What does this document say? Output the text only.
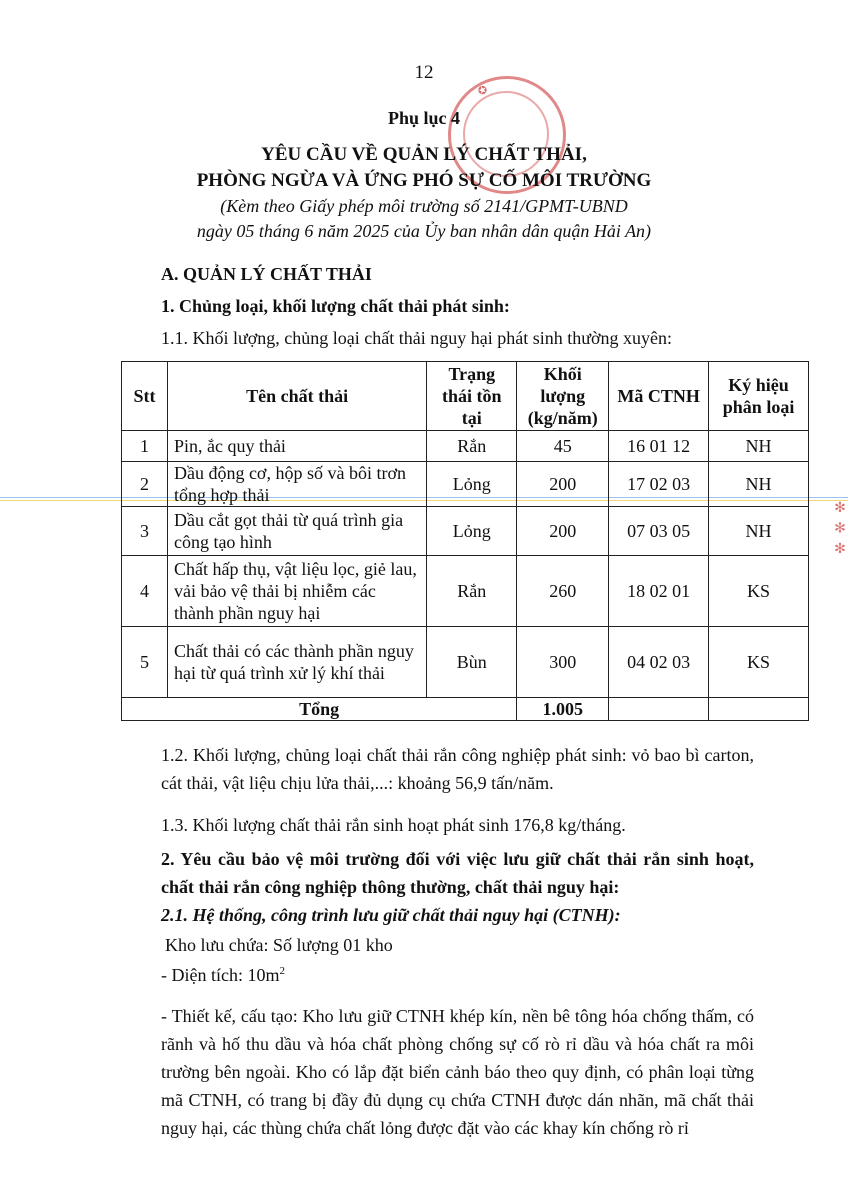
✪
✻ ✻ ✻
12
Phụ lục 4
YÊU CẦU VỀ QUẢN LÝ CHẤT THẢI,
PHÒNG NGỪA VÀ ỨNG PHÓ SỰ CỐ MÔI TRƯỜNG
(Kèm theo Giấy phép môi trường số 2141/GPMT-UBND
ngày 05 tháng 6 năm 2025 của Ủy ban nhân dân quận Hải An)
A. QUẢN LÝ CHẤT THẢI
1. Chủng loại, khối lượng chất thải phát sinh:
1.1. Khối lượng, chủng loại chất thải nguy hại phát sinh thường xuyên:
Stt	Tên chất thải	Trạng thái tồn tại	Khối lượng (kg/năm)	Mã CTNH	Ký hiệu phân loại
1	Pin, ắc quy thải	Rắn	45	16 01 12	NH
2	Dầu động cơ, hộp số và bôi trơn tổng hợp thải	Lỏng	200	17 02 03	NH
3	Dầu cắt gọt thải từ quá trình gia công tạo hình	Lỏng	200	07 03 05	NH
4	Chất hấp thụ, vật liệu lọc, giẻ lau, vải bảo vệ thải bị nhiễm các thành phần nguy hại	Rắn	260	18 02 01	KS
5	Chất thải có các thành phần nguy hại từ quá trình xử lý khí thải	Bùn	300	04 02 03	KS
Tổng			1.005		
1.2. Khối lượng, chủng loại chất thải rắn công nghiệp phát sinh: vỏ bao bì carton, cát thải, vật liệu chịu lửa thải,...: khoảng 56,9 tấn/năm.
1.3. Khối lượng chất thải rắn sinh hoạt phát sinh 176,8 kg/tháng.
2. Yêu cầu bảo vệ môi trường đối với việc lưu giữ chất thải rắn sinh hoạt, chất thải rắn công nghiệp thông thường, chất thải nguy hại:
2.1. Hệ thống, công trình lưu giữ chất thải nguy hại (CTNH):
Kho lưu chứa: Số lượng 01 kho
- Diện tích: $10m^2$
- Thiết kế, cấu tạo: Kho lưu giữ CTNH khép kín, nền bê tông hóa chống thấm, có rãnh và hố thu dầu và hóa chất phòng chống sự cố rò rỉ dầu và hóa chất ra môi trường bên ngoài. Kho có lắp đặt biển cảnh báo theo quy định, có phân loại từng mã CTNH, có trang bị đầy đủ dụng cụ chứa CTNH được dán nhãn, mã chất thải nguy hại, các thùng chứa chất lỏng được đặt vào các khay kín chống rò rỉ
